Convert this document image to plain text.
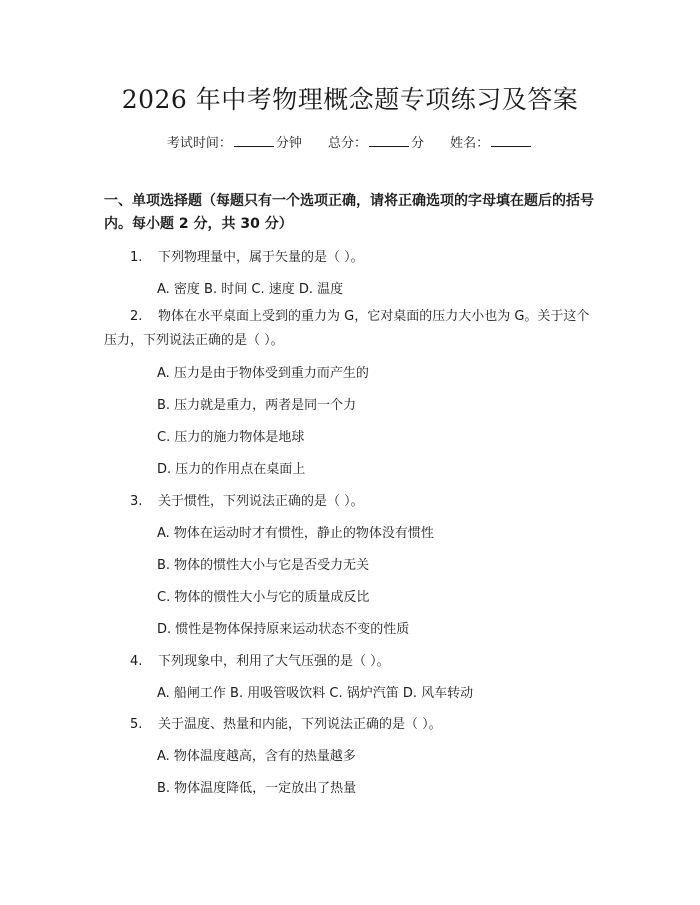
2026 年中考物理概念题专项练习及答案
考试时间：	分钟 总分：	分 姓名：
一、单项选择题（每题只有一个选项正确，请将正确选项的字母填在题后的括号内。每小题 2 分，共 30 分）
1. 下列物理量中，属于矢量的是（ ）。
A. 密度 B. 时间 C. 速度 D. 温度
2. 物体在水平桌面上受到的重力为 G，它对桌面的压力大小也为 G。关于这个压力，下列说法正确的是（ ）。
A. 压力是由于物体受到重力而产生的
B. 压力就是重力，两者是同一个力
C. 压力的施力物体是地球
D. 压力的作用点在桌面上
3. 关于惯性，下列说法正确的是（ ）。
A. 物体在运动时才有惯性，静止的物体没有惯性
B. 物体的惯性大小与它是否受力无关
C. 物体的惯性大小与它的质量成反比
D. 惯性是物体保持原来运动状态不变的性质
4. 下列现象中，利用了大气压强的是（ ）。
A. 船闸工作 B. 用吸管吸饮料 C. 锅炉汽笛 D. 风车转动
5. 关于温度、热量和内能，下列说法正确的是（ ）。
A. 物体温度越高，含有的热量越多
B. 物体温度降低，一定放出了热量
